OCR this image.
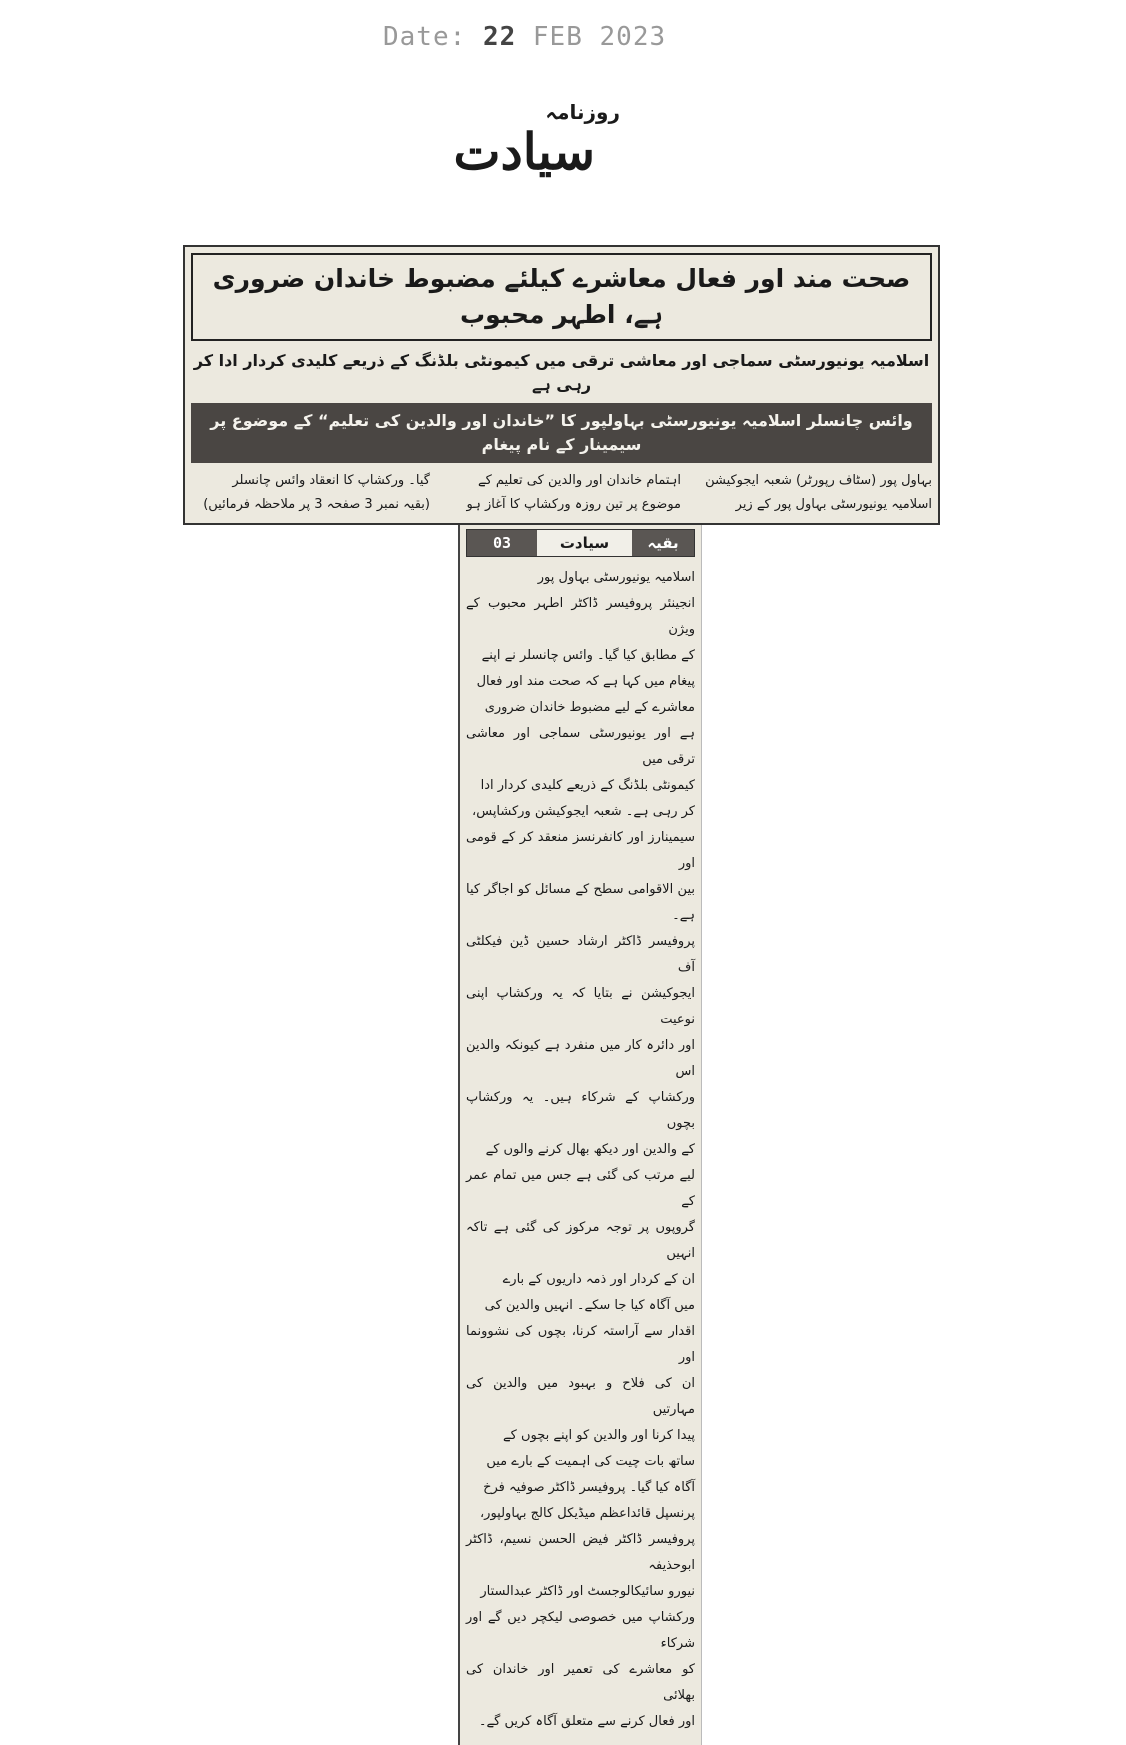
Date: 22 FEB 2023
روزنامہ
سیادت
صحت مند اور فعال معاشرے کیلئے مضبوط خاندان ضروری ہے، اطہر محبوب
اسلامیہ یونیورسٹی سماجی اور معاشی ترقی میں کیمونٹی بلڈنگ کے ذریعے کلیدی کردار ادا کر رہی ہے
وائس چانسلر اسلامیہ یونیورسٹی بہاولپور کا ”خاندان اور والدین کی تعلیم“ کے موضوع پر سیمینار کے نام پیغام
بہاول پور (سٹاف رپورٹر) شعبہ ایجوکیشن
اسلامیہ یونیورسٹی بہاول پور کے زیر
اہتمام خاندان اور والدین کی تعلیم کے
موضوع پر تین روزہ ورکشاپ کا آغاز ہو
گیا۔ ورکشاپ کا انعقاد وائس چانسلر
(بقیہ نمبر 3 صفحہ 3 پر ملاحظہ فرمائیں)
بقیہ
سیادت
03
اسلامیہ یونیورسٹی بہاول پور
انجینئر پروفیسر ڈاکٹر اطہر محبوب کے ویژن
کے مطابق کیا گیا۔ وائس چانسلر نے اپنے
پیغام میں کہا ہے کہ صحت مند اور فعال
معاشرے کے لیے مضبوط خاندان ضروری
ہے اور یونیورسٹی سماجی اور معاشی ترقی میں
کیمونٹی بلڈنگ کے ذریعے کلیدی کردار ادا
کر رہی ہے۔ شعبہ ایجوکیشن ورکشاپس،
سیمینارز اور کانفرنسز منعقد کر کے قومی اور
بین الاقوامی سطح کے مسائل کو اجاگر کیا ہے۔
پروفیسر ڈاکٹر ارشاد حسین ڈین فیکلٹی آف
ایجوکیشن نے بتایا کہ یہ ورکشاپ اپنی نوعیت
اور دائرہ کار میں منفرد ہے کیونکہ والدین اس
ورکشاپ کے شرکاء ہیں۔ یہ ورکشاپ بچوں
کے والدین اور دیکھ بھال کرنے والوں کے
لیے مرتب کی گئی ہے جس میں تمام عمر کے
گروپوں پر توجہ مرکوز کی گئی ہے تاکہ انہیں
ان کے کردار اور ذمہ داریوں کے بارے
میں آگاہ کیا جا سکے۔ انہیں والدین کی
اقدار سے آراستہ کرنا، بچوں کی نشوونما اور
ان کی فلاح و بہبود میں والدین کی مہارتیں
پیدا کرنا اور والدین کو اپنے بچوں کے
ساتھ بات چیت کی اہمیت کے بارے میں
آگاہ کیا گیا۔ پروفیسر ڈاکٹر صوفیہ فرخ
پرنسپل قائداعظم میڈیکل کالج بہاولپور،
پروفیسر ڈاکٹر فیض الحسن نسیم، ڈاکٹر ابوحذیفہ
نیورو سائیکالوجسٹ اور ڈاکٹر عبدالستار
ورکشاپ میں خصوصی لیکچر دیں گے اور شرکاء
کو معاشرے کی تعمیر اور خاندان کی بھلائی
اور فعال کرنے سے متعلق آگاہ کریں گے۔
